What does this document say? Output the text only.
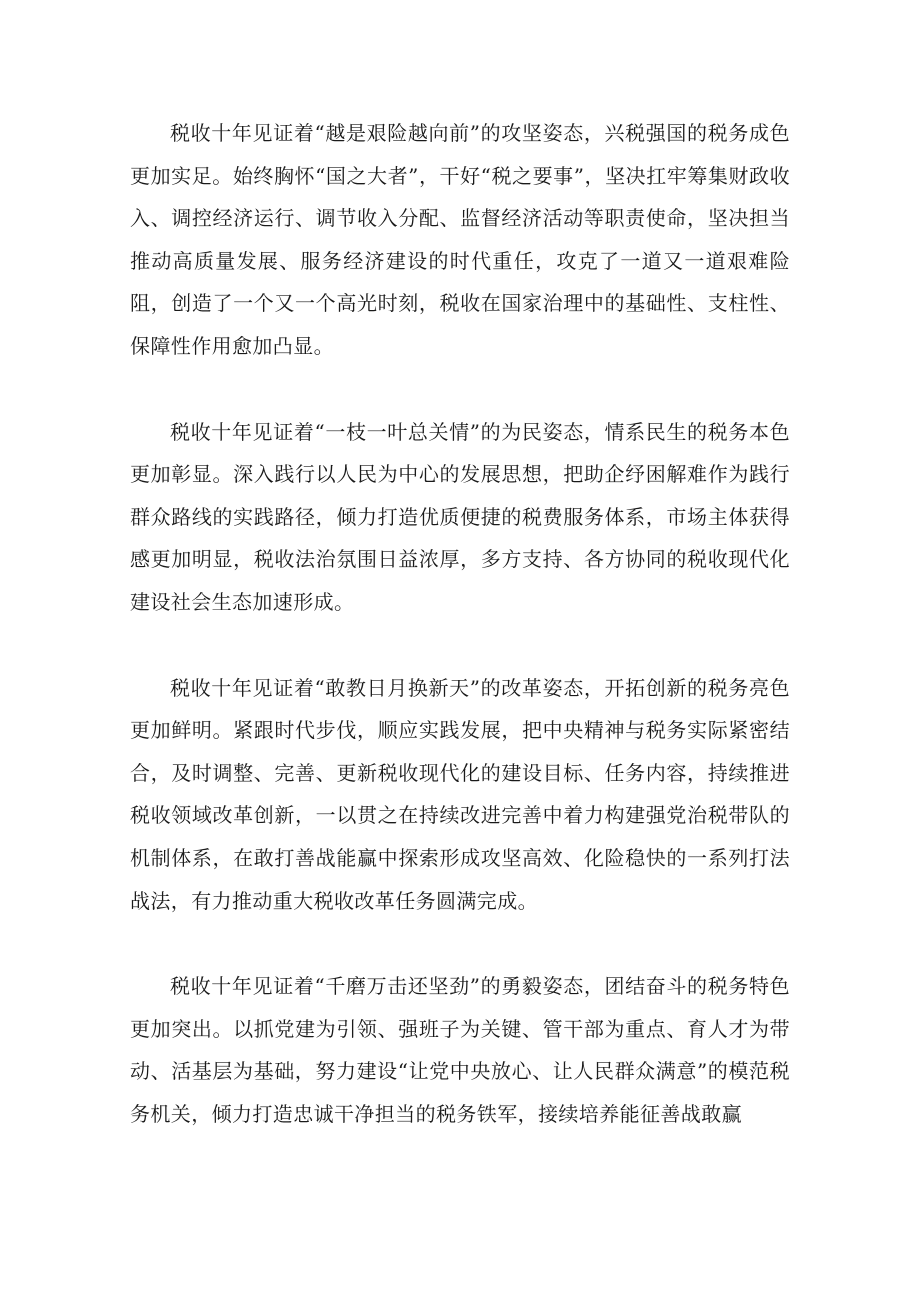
税收十年见证着“越是艰险越向前”的攻坚姿态，兴税强国的税务成色更加实足。始终胸怀“国之大者”，干好“税之要事”，坚决扛牢筹集财政收入、调控经济运行、调节收入分配、监督经济活动等职责使命，坚决担当推动高质量发展、服务经济建设的时代重任，攻克了一道又一道艰难险阻，创造了一个又一个高光时刻，税收在国家治理中的基础性、支柱性、保障性作用愈加凸显。

税收十年见证着“一枝一叶总关情”的为民姿态，情系民生的税务本色更加彰显。深入践行以人民为中心的发展思想，把助企纾困解难作为践行群众路线的实践路径，倾力打造优质便捷的税费服务体系，市场主体获得感更加明显，税收法治氛围日益浓厚，多方支持、各方协同的税收现代化建设社会生态加速形成。

税收十年见证着“敢教日月换新天”的改革姿态，开拓创新的税务亮色更加鲜明。紧跟时代步伐，顺应实践发展，把中央精神与税务实际紧密结合，及时调整、完善、更新税收现代化的建设目标、任务内容，持续推进税收领域改革创新，一以贯之在持续改进完善中着力构建强党治税带队的机制体系，在敢打善战能赢中探索形成攻坚高效、化险稳快的一系列打法战法，有力推动重大税收改革任务圆满完成。

税收十年见证着“千磨万击还坚劲”的勇毅姿态，团结奋斗的税务特色更加突出。以抓党建为引领、强班子为关键、管干部为重点、育人才为带动、活基层为基础，努力建设“让党中央放心、让人民群众满意”的模范税务机关，倾力打造忠诚干净担当的税务铁军，接续培养能征善战敢赢
